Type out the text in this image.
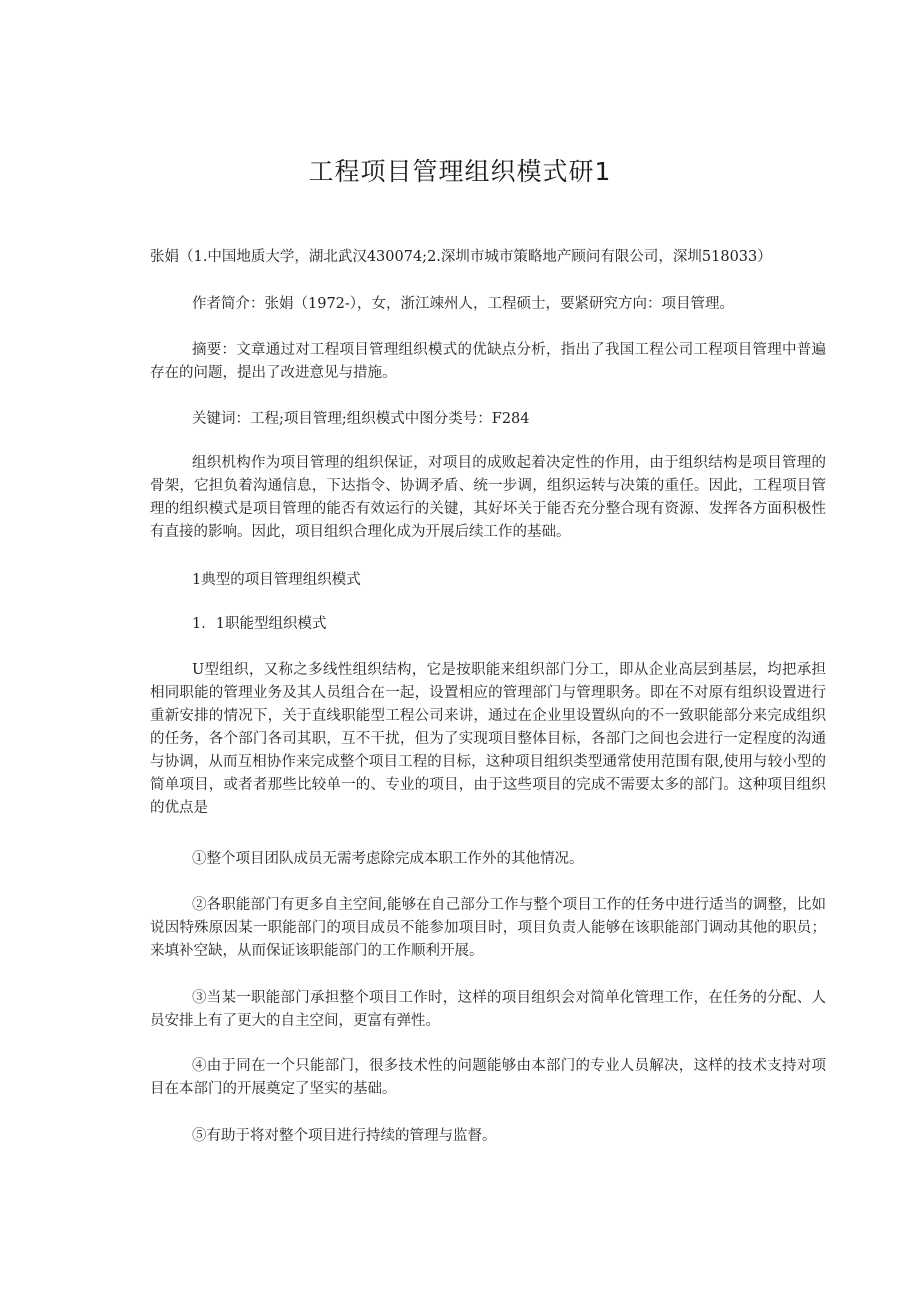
工程项目管理组织模式研1

张娟（1.中国地质大学，湖北武汉430074;2.深圳市城市策略地产顾问有限公司，深圳518033）

作者简介：张娟（1972-），女，浙江竦州人，工程硕士，要紧研究方向：项目管理。

摘要：文章通过对工程项目管理组织模式的优缺点分析，指出了我国工程公司工程项目管理中普遍存在的问题，提出了改进意见与措施。

关键词：工程;项目管理;组织模式中图分类号：F284

组织机构作为项目管理的组织保证，对项目的成败起着决定性的作用，由于组织结构是项目管理的骨架，它担负着沟通信息，下达指令、协调矛盾、统一步调，组织运转与决策的重任。因此，工程项目管理的组织模式是项目管理的能否有效运行的关键，其好坏关于能否充分整合现有资源、发挥各方面积极性有直接的影响。因此，项目组织合理化成为开展后续工作的基础。

1典型的项目管理组织模式

1．1职能型组织模式

U型组织，又称之多线性组织结构，它是按职能来组织部门分工，即从企业高层到基层，均把承担相同职能的管理业务及其人员组合在一起，设置相应的管理部门与管理职务。即在不对原有组织设置进行重新安排的情况下，关于直线职能型工程公司来讲，通过在企业里设置纵向的不一致职能部分来完成组织的任务，各个部门各司其职，互不干扰，但为了实现项目整体目标，各部门之间也会进行一定程度的沟通与协调，从而互相协作来完成整个项目工程的目标，这种项目组织类型通常使用范围有限,使用与较小型的简单项目，或者者那些比较单一的、专业的项目，由于这些项目的完成不需要太多的部门。这种项目组织的优点是

①整个项目团队成员无需考虑除完成本职工作外的其他情况。

②各职能部门有更多自主空间,能够在自己部分工作与整个项目工作的任务中进行适当的调整，比如说因特殊原因某一职能部门的项目成员不能参加项目时，项目负责人能够在该职能部门调动其他的职员；来填补空缺，从而保证该职能部门的工作顺利开展。

③当某一职能部门承担整个项目工作时，这样的项目组织会对简单化管理工作，在任务的分配、人员安排上有了更大的自主空间，更富有弹性。

④由于同在一个只能部门，很多技术性的问题能够由本部门的专业人员解决，这样的技术支持对项目在本部门的开展奠定了坚实的基础。

⑤有助于将对整个项目进行持续的管理与监督。
